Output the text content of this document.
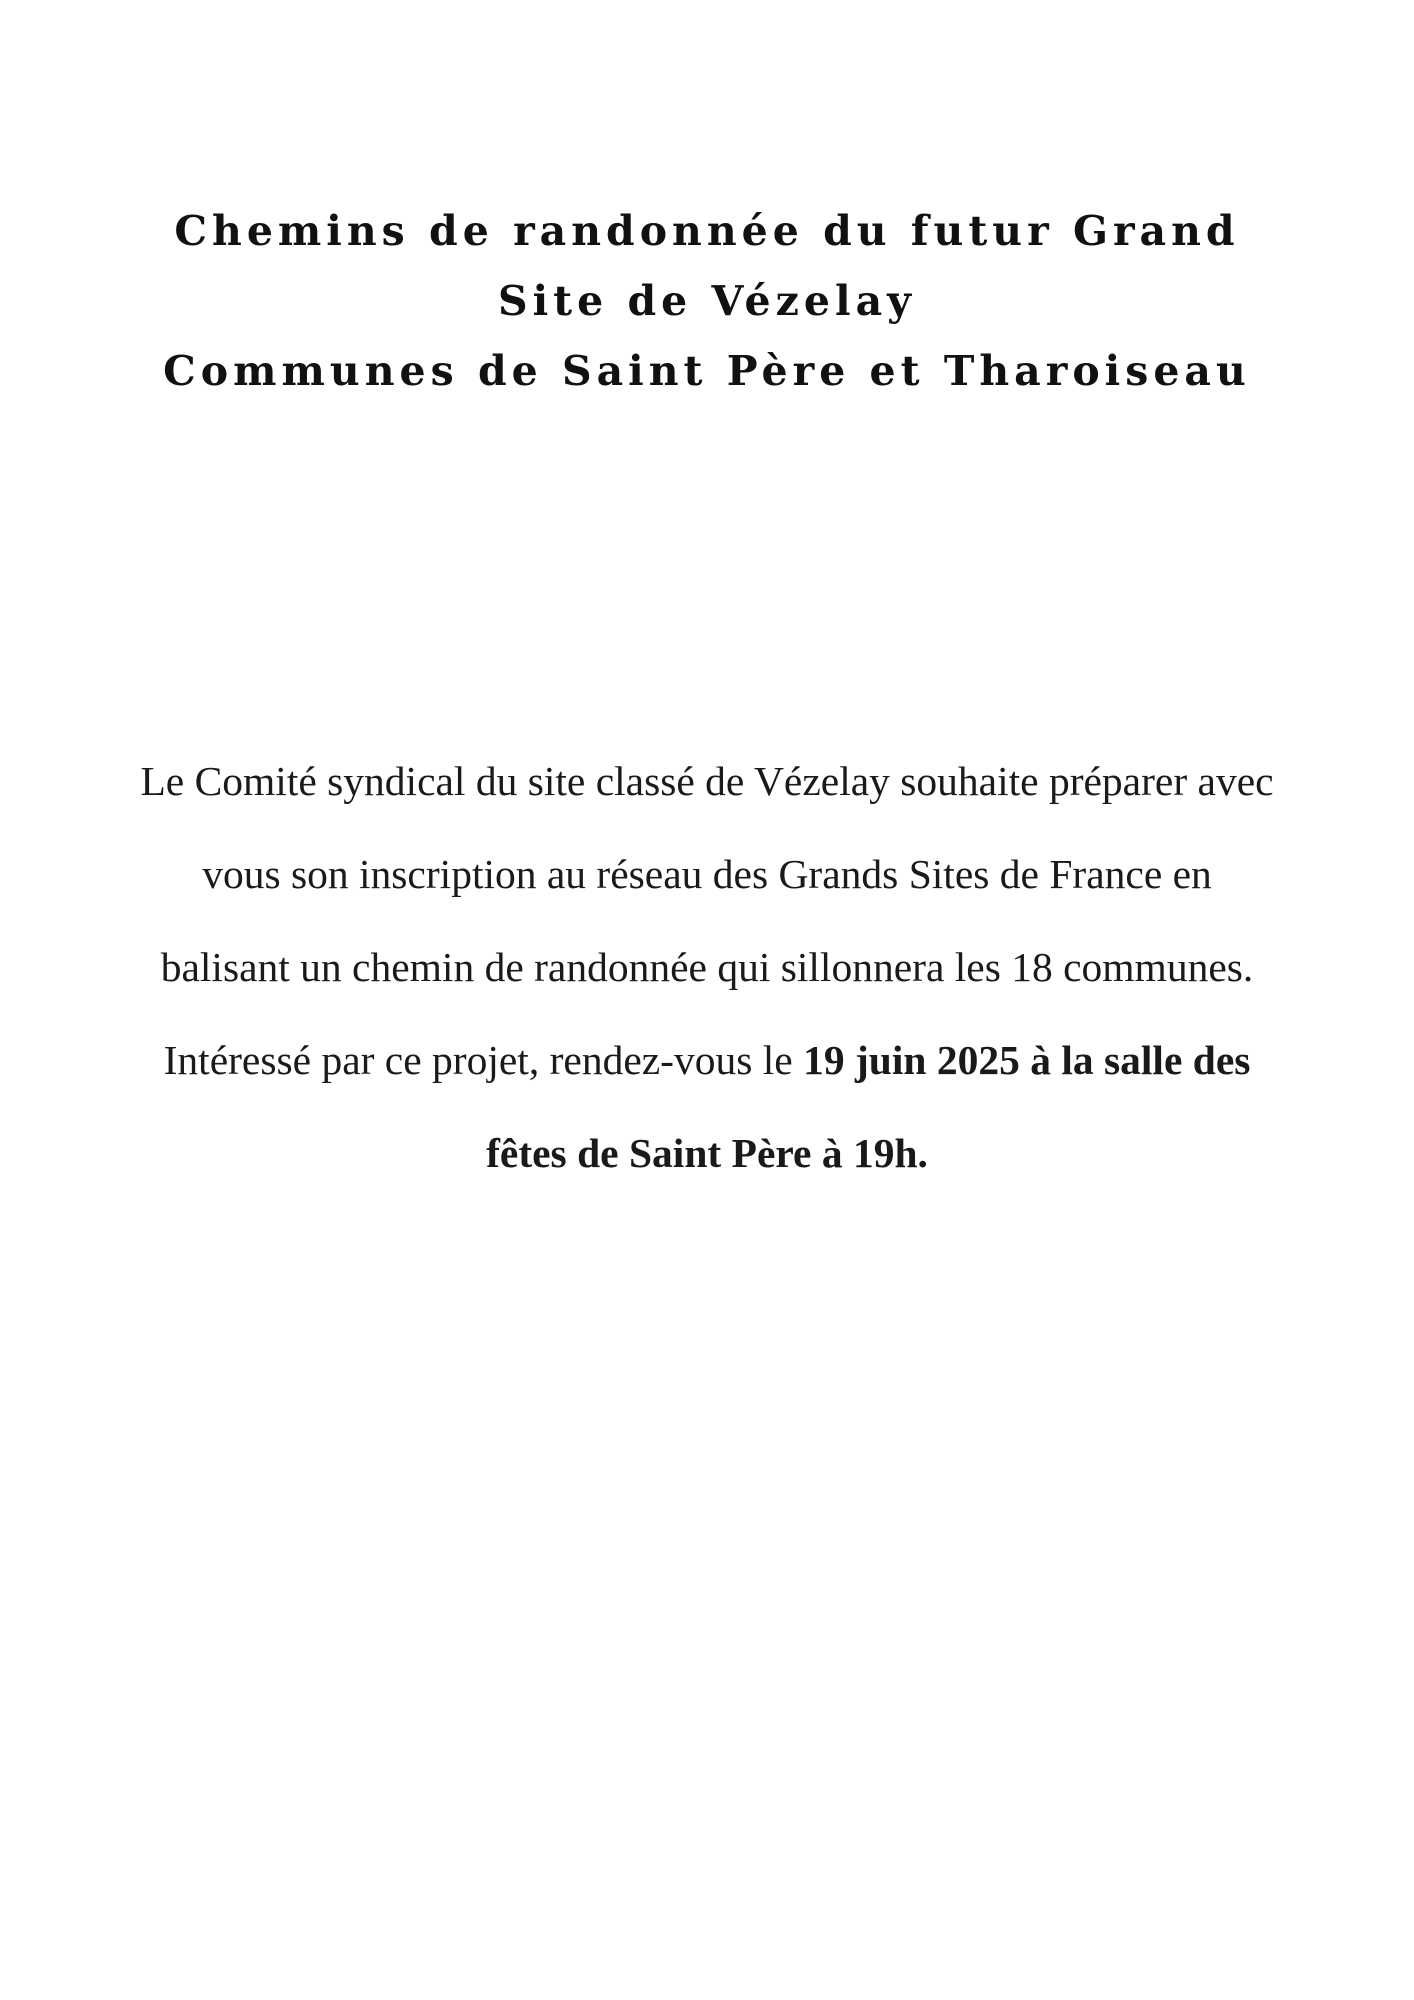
Chemins de randonnée du futur Grand
Site de Vézelay
Communes de Saint Père et Tharoiseau
Le Comité syndical du site classé de Vézelay souhaite préparer avec
vous son inscription au réseau des Grands Sites de France en
balisant un chemin de randonnée qui sillonnera les 18 communes.
Intéressé par ce projet, rendez-vous le 19 juin 2025 à la salle des
fêtes de Saint Père à 19h.
